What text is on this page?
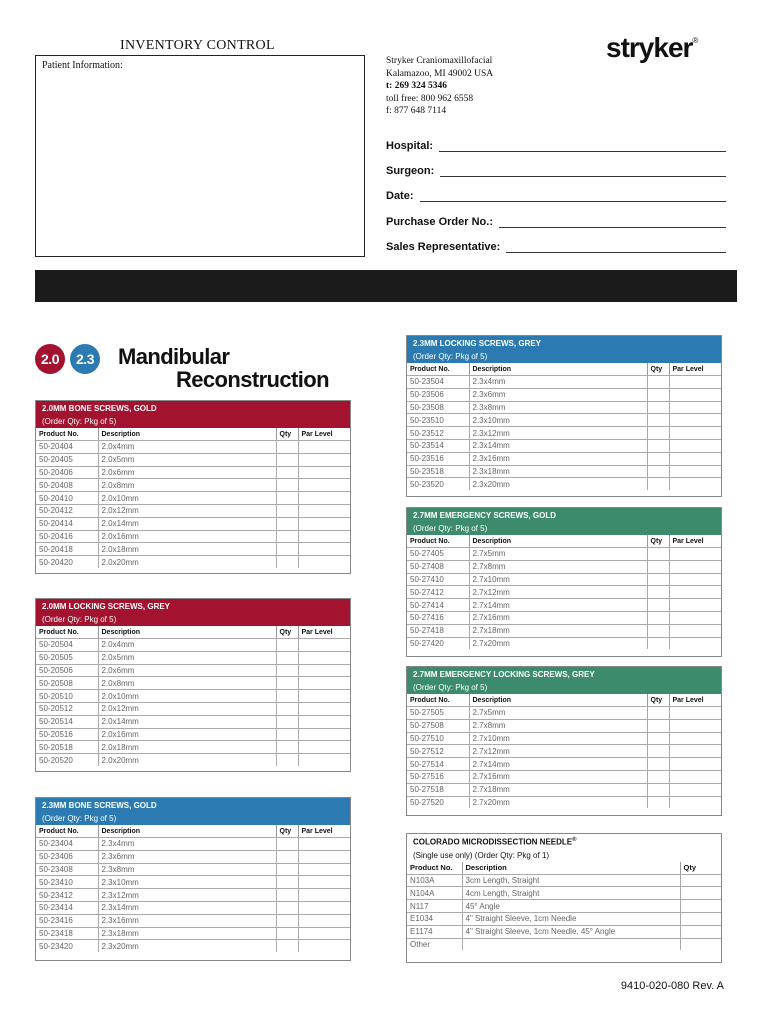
INVENTORY CONTROL
Patient Information:	Stryker Craniomaxillofacial
Kalamazoo, MI 49002 USA
t: 269 324 5346
toll free: 800 962 6558
f: 877 648 7114
stryker®
Hospital:
Surgeon:
Date:
Purchase Order No.:
Sales Representative:
2.0	2.3 Mandibular
Reconstruction
2.0MM BONE SCREWS, GOLD
(Order Qty: Pkg of 5)
Product No.	Description	Qty	Par Level
50-20404	2.0x4mm		
50-20405	2.0x5mm		
50-20406	2.0x6mm		
50-20408	2.0x8mm		
50-20410	2.0x10mm		
50-20412	2.0x12mm		
50-20414	2.0x14mm		
50-20416	2.0x16mm		
50-20418	2.0x18mm		
50-20420	2.0x20mm		
2.0MM LOCKING SCREWS, GREY
(Order Qty: Pkg of 5)
Product No.	Description	Qty	Par Level
50-20504	2.0x4mm		
50-20505	2.0x5mm		
50-20506	2.0x6mm		
50-20508	2.0x8mm		
50-20510	2.0x10mm		
50-20512	2.0x12mm		
50-20514	2.0x14mm		
50-20516	2.0x16mm		
50-20518	2.0x18mm		
50-20520	2.0x20mm		
2.3MM BONE SCREWS, GOLD
(Order Qty: Pkg of 5)
Product No.	Description	Qty	Par Level
50-23404	2.3x4mm		
50-23406	2.3x6mm		
50-23408	2.3x8mm		
50-23410	2.3x10mm		
50-23412	2.3x12mm		
50-23414	2.3x14mm		
50-23416	2.3x16mm		
50-23418	2.3x18mm		
50-23420	2.3x20mm		
2.3MM LOCKING SCREWS, GREY
(Order Qty: Pkg of 5)
Product No.	Description	Qty	Par Level
50-23504	2.3x4mm		
50-23506	2.3x6mm		
50-23508	2.3x8mm		
50-23510	2.3x10mm		
50-23512	2.3x12mm		
50-23514	2.3x14mm		
50-23516	2.3x16mm		
50-23518	2.3x18mm		
50-23520	2.3x20mm		
2.7MM EMERGENCY SCREWS, GOLD
(Order Qty: Pkg of 5)
Product No.	Description	Qty	Par Level
50-27405	2.7x5mm		
50-27408	2.7x8mm		
50-27410	2.7x10mm		
50-27412	2.7x12mm		
50-27414	2.7x14mm		
50-27416	2.7x16mm		
50-27418	2.7x18mm		
50-27420	2.7x20mm		
2.7MM EMERGENCY LOCKING SCREWS, GREY
(Order Qty: Pkg of 5)
Product No.	Description	Qty	Par Level
50-27505	2.7x5mm		
50-27508	2.7x8mm		
50-27510	2.7x10mm		
50-27512	2.7x12mm		
50-27514	2.7x14mm		
50-27516	2.7x16mm		
50-27518	2.7x18mm		
50-27520	2.7x20mm		
COLORADO MICRODISSECTION NEEDLE®
(Single use only) (Order Qty: Pkg of 1)
Product No.	Description	Qty
N103A	3cm Length, Straight	
N104A	4cm Length, Straight	
N117	45° Angle	
E1034	4" Straight Sleeve, 1cm Needle	
E1174	4" Straight Sleeve, 1cm Needle, 45° Angle	
Other		
9410-020-080 Rev. A
